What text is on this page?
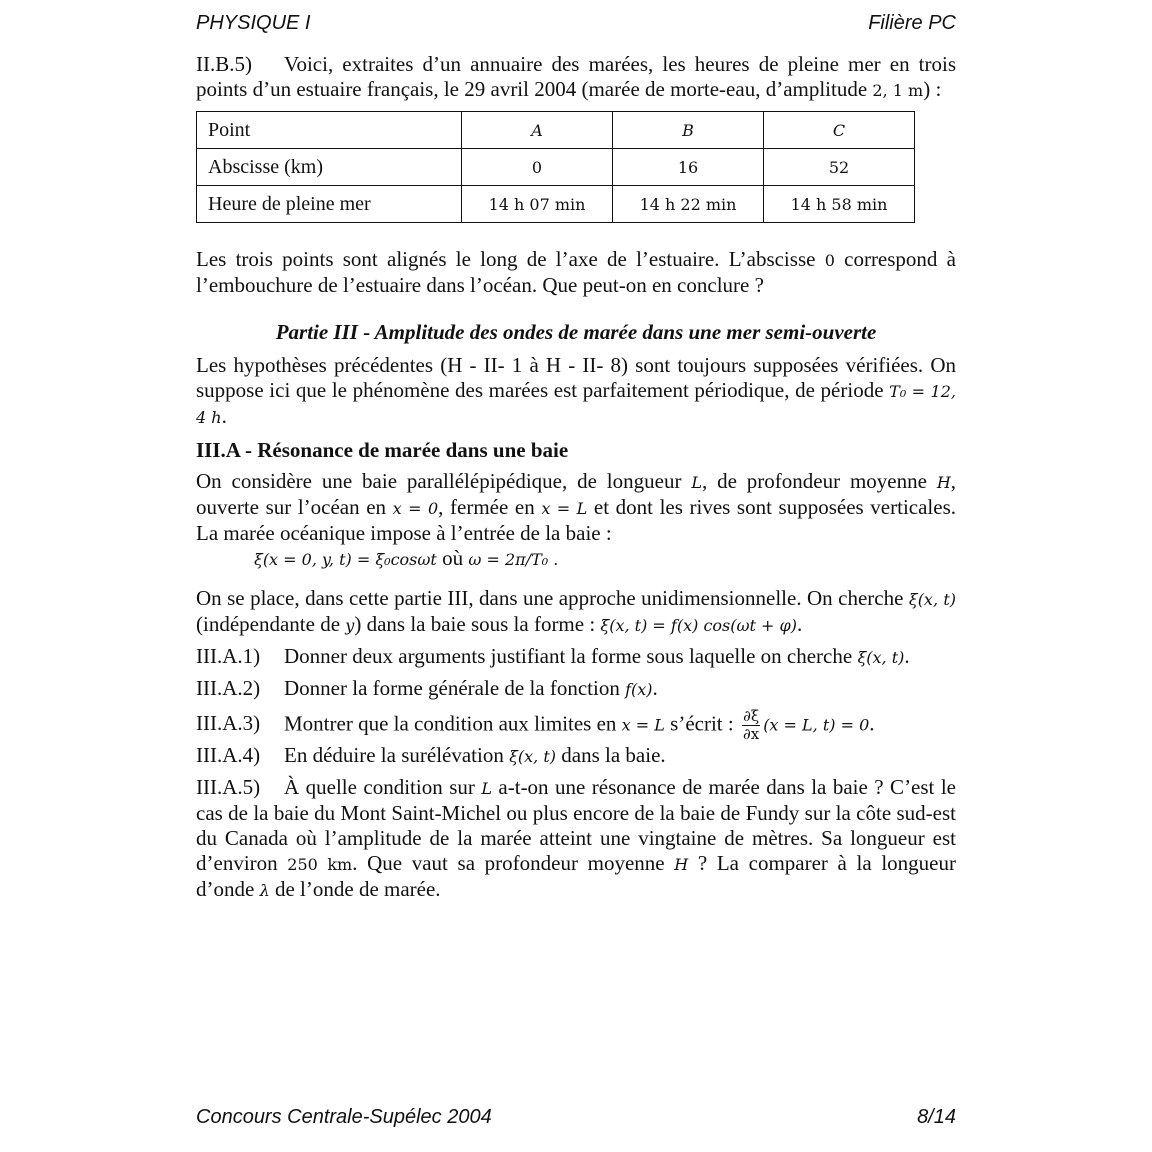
PHYSIQUE I	Filière PC

II.B.5) Voici, extraites d’un annuaire des marées, les heures de pleine mer en trois points d’un estuaire français, le 29 avril 2004 (marée de morte-eau, d’amplitude 2, 1 m) :

Point	A	B	C
Abscisse (km)	0	16	52
Heure de pleine mer	14 h 07 min	14 h 22 min	14 h 58 min

Les trois points sont alignés le long de l’axe de l’estuaire. L’abscisse 0 correspond à l’embouchure de l’estuaire dans l’océan. Que peut-on en conclure ?

Partie III - Amplitude des ondes de marée dans une mer semi-ouverte

Les hypothèses précédentes (H - II- 1 à H - II- 8) sont toujours supposées vérifiées. On suppose ici que le phénomène des marées est parfaitement périodique, de période T₀ = 12, 4 h.

III.A - Résonance de marée dans une baie

On considère une baie parallélépipédique, de longueur L, de profondeur moyenne H, ouverte sur l’océan en x = 0, fermée en x = L et dont les rives sont supposées verticales. La marée océanique impose à l’entrée de la baie :

ξ(x = 0, y, t) = ξ₀cosωt où ω = 2π/T₀ .

On se place, dans cette partie III, dans une approche unidimensionnelle. On cherche ξ(x, t) (indépendante de y) dans la baie sous la forme : ξ(x, t) = f(x) cos(ωt + φ).

III.A.1) Donner deux arguments justifiant la forme sous laquelle on cherche ξ(x, t).

III.A.2) Donner la forme générale de la fonction f(x).

III.A.3) Montrer que la condition aux limites en x = L s’écrit : $\frac{\partial\xi}{\partial x} (x = L$, t) = 0.

III.A.4) En déduire la surélévation ξ(x, t) dans la baie.

III.A.5) À quelle condition sur L a-t-on une résonance de marée dans la baie ? C’est le cas de la baie du Mont Saint-Michel ou plus encore de la baie de Fundy sur la côte sud-est du Canada où l’amplitude de la marée atteint une vingtaine de mètres. Sa longueur est d’environ 250 km. Que vaut sa profondeur moyenne H ? La comparer à la longueur d’onde λ de l’onde de marée.

Concours Centrale-Supélec 2004	8/14
